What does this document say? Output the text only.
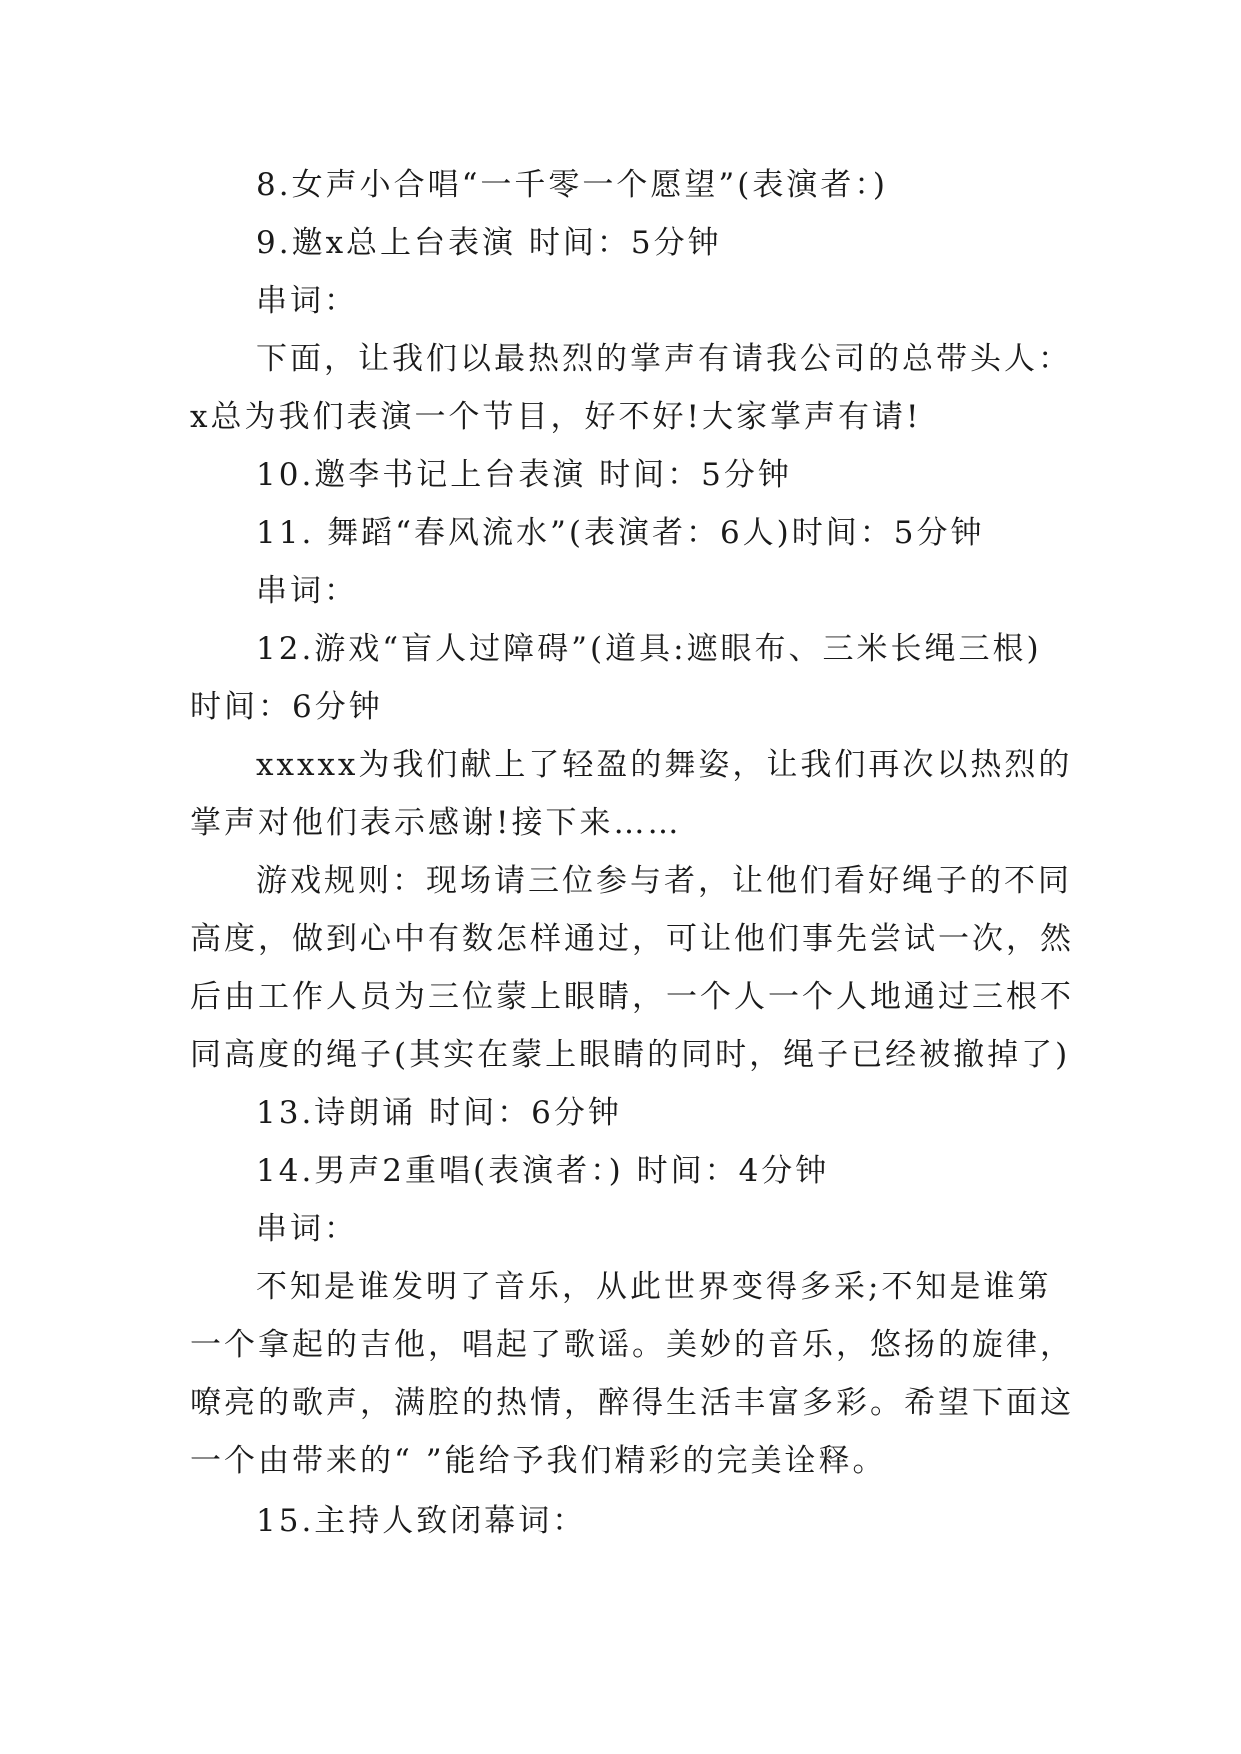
8.女声小合唱“一千零一个愿望”(表演者：)
9.邀x总上台表演 时间：5分钟
串词：
下面，让我们以最热烈的掌声有请我公司的总带头人：
x总为我们表演一个节目，好不好!大家掌声有请!
10.邀李书记上台表演 时间：5分钟
11. 舞蹈“春风流水”(表演者：6人)时间：5分钟
串词：
12.游戏“盲人过障碍”(道具:遮眼布、三米长绳三根)
时间：6分钟
xxxxx为我们献上了轻盈的舞姿，让我们再次以热烈的
掌声对他们表示感谢!接下来……
游戏规则：现场请三位参与者，让他们看好绳子的不同
高度，做到心中有数怎样通过，可让他们事先尝试一次，然
后由工作人员为三位蒙上眼睛，一个人一个人地通过三根不
同高度的绳子(其实在蒙上眼睛的同时，绳子已经被撤掉了)
13.诗朗诵 时间：6分钟
14.男声2重唱(表演者：) 时间：4分钟
串词：
不知是谁发明了音乐，从此世界变得多采;不知是谁第
一个拿起的吉他，唱起了歌谣。美妙的音乐，悠扬的旋律，
嘹亮的歌声，满腔的热情，醉得生活丰富多彩。希望下面这
一个由带来的“ ”能给予我们精彩的完美诠释。
15.主持人致闭幕词：
